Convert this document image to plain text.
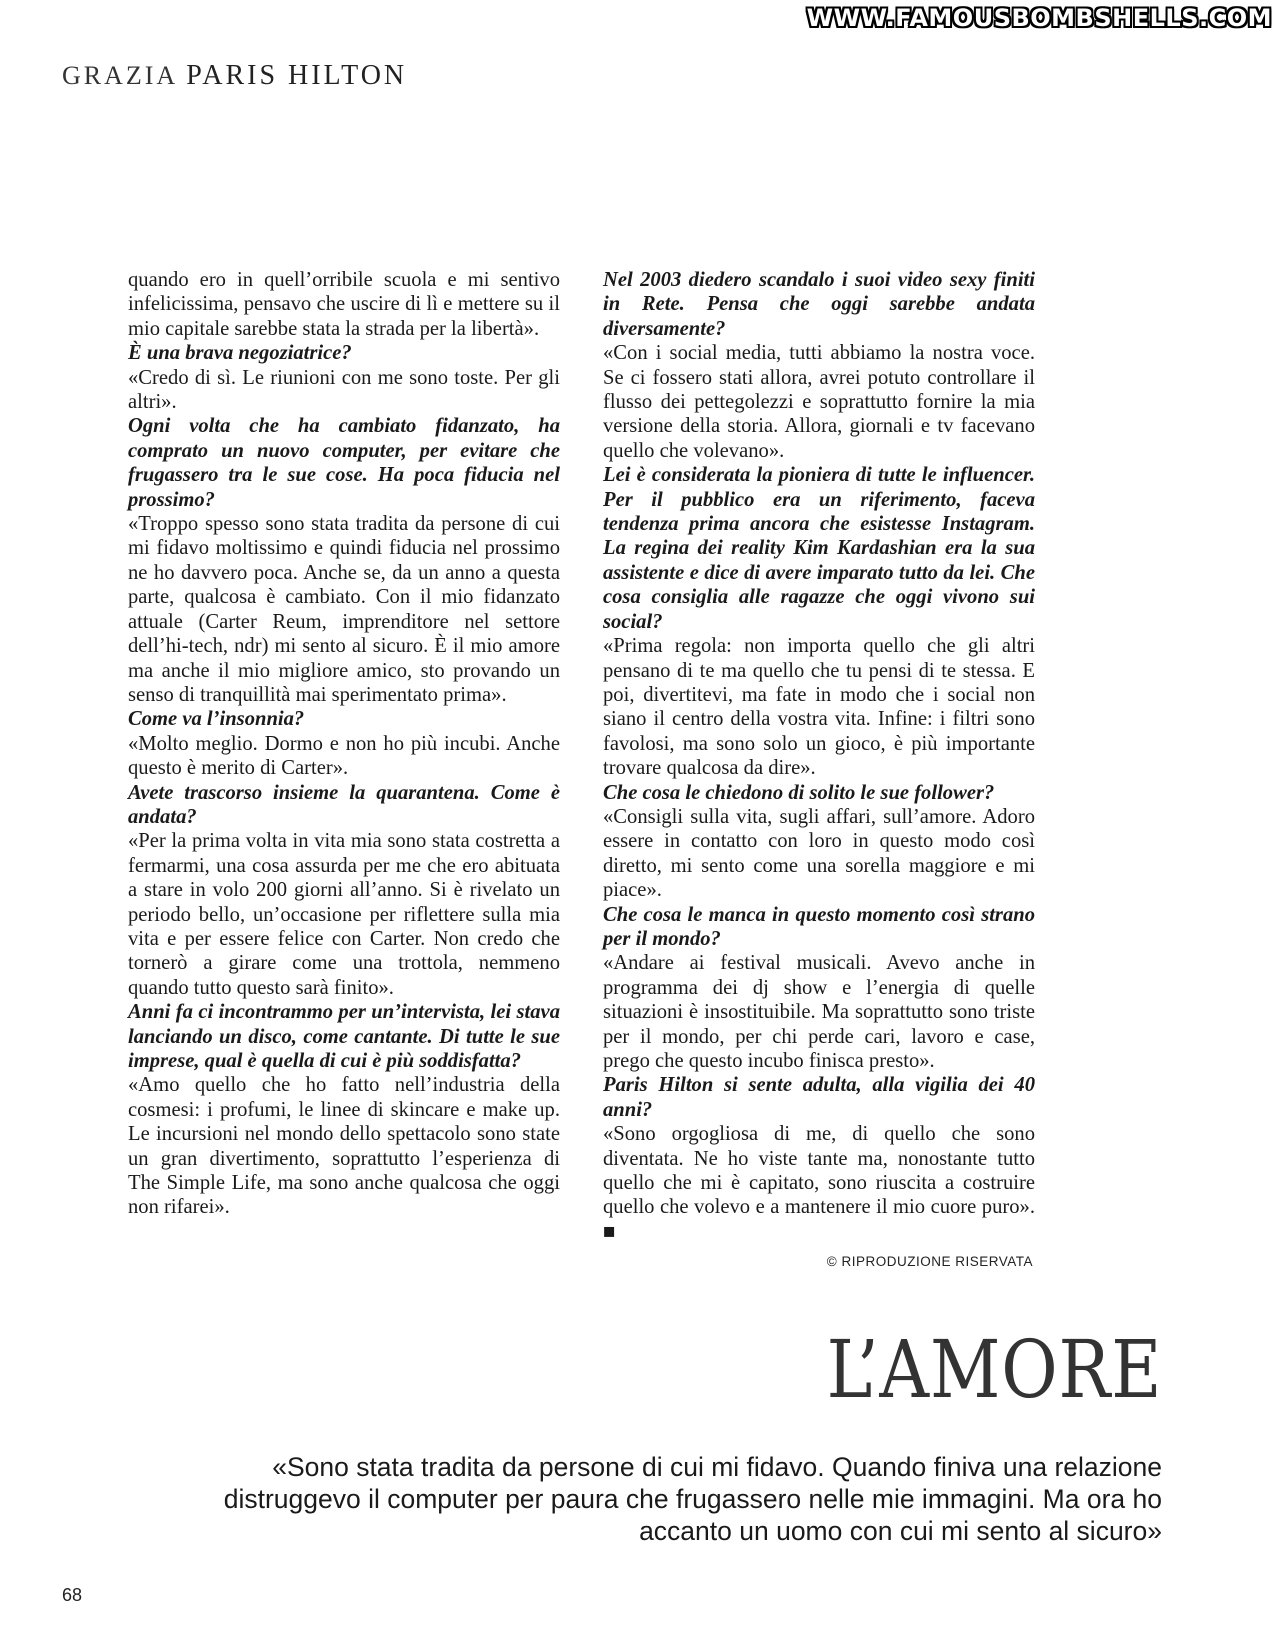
WWW.FAMOUSBOMBSHELLS.COM
GRAZIA PARIS HILTON

quando ero in quell’orribile scuola e mi sentivo infelicissima, pensavo che uscire di lì e mettere su il mio capitale sarebbe stata la strada per la libertà».

È una brava negoziatrice?

«Credo di sì. Le riunioni con me sono toste. Per gli altri».

Ogni volta che ha cambiato fidanzato, ha comprato un nuovo computer, per evitare che frugassero tra le sue cose. Ha poca fiducia nel prossimo?

«Troppo spesso sono stata tradita da persone di cui mi fidavo moltissimo e quindi fiducia nel prossimo ne ho davvero poca. Anche se, da un anno a questa parte, qualcosa è cambiato. Con il mio fidanzato attuale (Carter Reum, imprenditore nel settore dell’hi-tech, ndr) mi sento al sicuro. È il mio amore ma anche il mio migliore amico, sto provando un senso di tranquillità mai sperimentato prima».

Come va l’insonnia?

«Molto meglio. Dormo e non ho più incubi. Anche questo è merito di Carter».

Avete trascorso insieme la quarantena. Come è andata?

«Per la prima volta in vita mia sono stata costretta a fermarmi, una cosa assurda per me che ero abituata a stare in volo 200 giorni all’anno. Si è rivelato un periodo bello, un’occasione per riflettere sulla mia vita e per essere felice con Carter. Non credo che tornerò a girare come una trottola, nemmeno quando tutto questo sarà finito».

Anni fa ci incontrammo per un’intervista, lei stava lanciando un disco, come cantante. Di tutte le sue imprese, qual è quella di cui è più soddisfatta?

«Amo quello che ho fatto nell’industria della cosmesi: i profumi, le linee di skincare e make up. Le incursioni nel mondo dello spettacolo sono state un gran divertimento, soprattutto l’esperienza di The Simple Life, ma sono anche qualcosa che oggi non rifarei».

Nel 2003 diedero scandalo i suoi video sexy finiti in Rete. Pensa che oggi sarebbe andata diversamente?

«Con i social media, tutti abbiamo la nostra voce. Se ci fossero stati allora, avrei potuto controllare il flusso dei pettegolezzi e soprattutto fornire la mia versione della storia. Allora, giornali e tv facevano quello che volevano».

Lei è considerata la pioniera di tutte le influencer. Per il pubblico era un riferimento, faceva tendenza prima ancora che esistesse Instagram. La regina dei reality Kim Kardashian era la sua assistente e dice di avere imparato tutto da lei. Che cosa consiglia alle ragazze che oggi vivono sui social?

«Prima regola: non importa quello che gli altri pensano di te ma quello che tu pensi di te stessa. E poi, divertitevi, ma fate in modo che i social non siano il centro della vostra vita. Infine: i filtri sono favolosi, ma sono solo un gioco, è più importante trovare qualcosa da dire».

Che cosa le chiedono di solito le sue follower?

«Consigli sulla vita, sugli affari, sull’amore. Adoro essere in contatto con loro in questo modo così diretto, mi sento come una sorella maggiore e mi piace».

Che cosa le manca in questo momento così strano per il mondo?

«Andare ai festival musicali. Avevo anche in programma dei dj show e l’energia di quelle situazioni è insostituibile. Ma soprattutto sono triste per il mondo, per chi perde cari, lavoro e case, prego che questo incubo finisca presto».

Paris Hilton si sente adulta, alla vigilia dei 40 anni?

«Sono orgogliosa di me, di quello che sono diventata. Ne ho viste tante ma, nonostante tutto quello che mi è capitato, sono riuscita a costruire quello che volevo e a mantenere il mio cuore puro». ■

© RIPRODUZIONE RISERVATA
L’AMORE
«Sono stata tradita da persone di cui mi fidavo. Quando finiva una relazione distruggevo il computer per paura che frugassero nelle mie immagini. Ma ora ho accanto un uomo con cui mi sento al sicuro»
68
